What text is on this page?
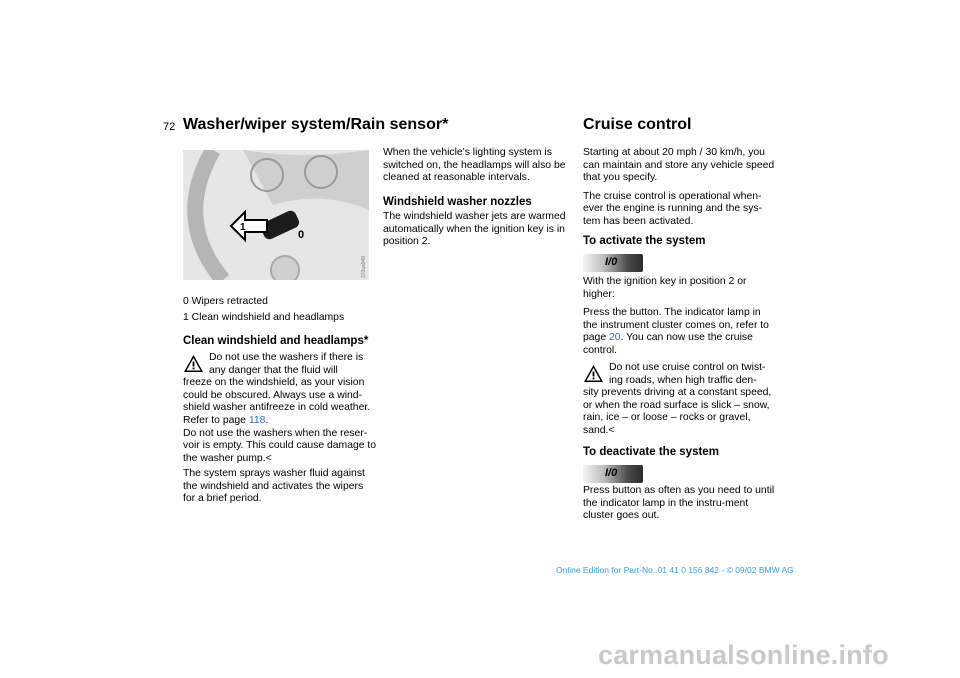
72 Washer/wiper system/Rain sensor*	Cruise control
0
1
370us049
0 Wipers retracted
1 Clean windshield and headlamps
Clean windshield and headlamps*
Do not use the washers if there is
any danger that the fluid will
freeze on the windshield, as your vision could be obscured. Always use a wind-shield washer antifreeze in cold weather. Refer to page 118.
Do not use the washers when the reser-voir is empty. This could cause damage to the washer pump.<
The system sprays washer fluid against the windshield and activates the wipers for a brief period.
When the vehicle's lighting system is switched on, the headlamps will also be cleaned at reasonable intervals.
Windshield washer nozzles
The windshield washer jets are warmed automatically when the ignition key is in position 2.

Starting at about 20 mph / 30 km/h, you can maintain and store any vehicle speed that you specify.

The cruise control is operational when-ever the engine is running and the sys-tem has been activated.

To activate the system
I/0

With the ignition key in position 2 or higher:

Press the button. The indicator lamp in the instrument cluster comes on, refer to page 20. You can now use the cruise control.

Do not use cruise control on twist-
ing roads, when high traffic den-
sity prevents driving at a constant speed, or when the road surface is slick – snow, rain, ice – or loose – rocks or gravel, sand.<
To deactivate the system
I/0
Press button as often as you need to until the indicator lamp in the instru-ment cluster goes out.
Online Edition for Part-No. 01 41 0 156 842 - © 09/02 BMW AG
carmanualsonline.info
